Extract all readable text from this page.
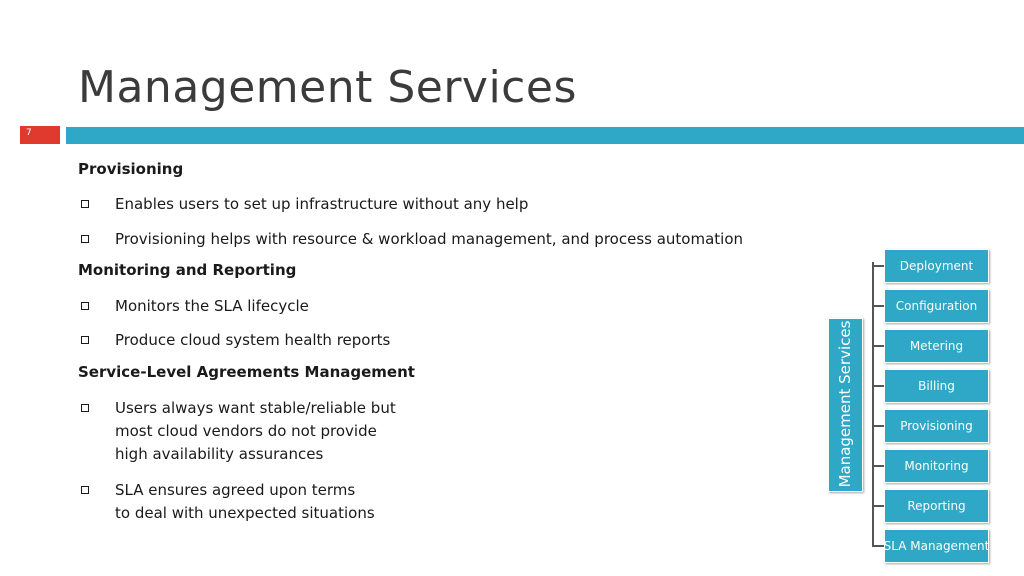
Management Services
7
Provisioning
Enables users to set up infrastructure without any help
Provisioning helps with resource & workload management, and process automation
Monitoring and Reporting
Monitors the SLA lifecycle
Produce cloud system health reports
Service-Level Agreements Management
Users always want stable/reliable but
most cloud vendors do not provide
high availability assurances
SLA ensures agreed upon terms
to deal with unexpected situations
Management Services
Deployment
Configuration
Metering
Billing
Provisioning
Monitoring
Reporting
SLA Management
